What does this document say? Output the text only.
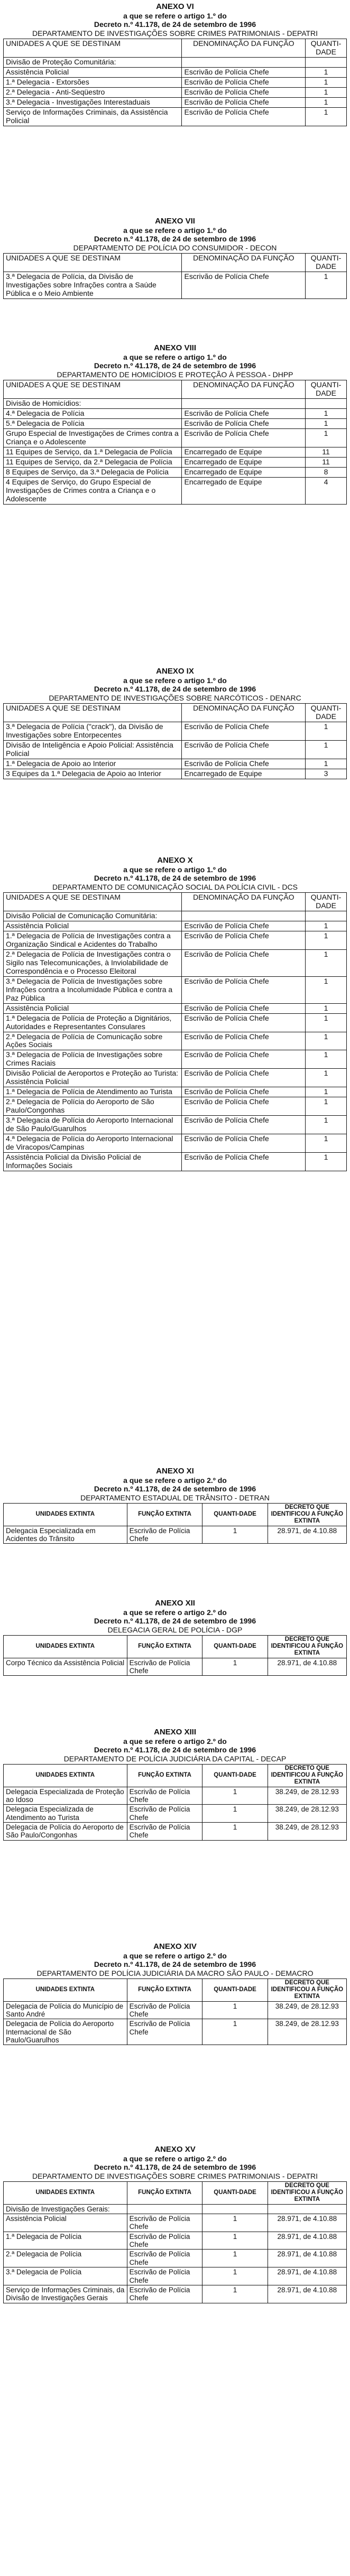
ANEXO VI
a que se refere o artigo 1.º do
Decreto n.º 41.178, de 24 de setembro de 1996
DEPARTAMENTO DE INVESTIGAÇÕES SOBRE CRIMES PATRIMONIAIS - DEPATRI
UNIDADES A QUE SE DESTINAM	DENOMINAÇÃO DA FUNÇÃO	QUANTI-DADE
Divisão de Proteção Comunitária:		
Assistência Policial	Escrivão de Polícia Chefe	1
1.ª Delegacia - Extorsões	Escrivão de Polícia Chefe	1
2.ª Delegacia - Anti-Seqüestro	Escrivão de Polícia Chefe	1
3.ª Delegacia - Investigações Interestaduais	Escrivão de Polícia Chefe	1
Serviço de Informações Criminais, da Assistência Policial	Escrivão de Polícia Chefe	1
ANEXO VII
a que se refere o artigo 1.º do
Decreto n.º 41.178, de 24 de setembro de 1996
DEPARTAMENTO DE POLÍCIA DO CONSUMIDOR - DECON
UNIDADES A QUE SE DESTINAM	DENOMINAÇÃO DA FUNÇÃO	QUANTI-DADE
3.ª Delegacia de Polícia, da Divisão de Investigações sobre Infrações contra a Saúde Pública e o Meio Ambiente	Escrivão de Polícia Chefe	1
ANEXO VIII
a que se refere o artigo 1.º do
Decreto n.º 41.178, de 24 de setembro de 1996
DEPARTAMENTO DE HOMICÍDIOS E PROTEÇÃO À PESSOA - DHPP
UNIDADES A QUE SE DESTINAM	DENOMINAÇÃO DA FUNÇÃO	QUANTI-DADE
Divisão de Homicídios:		
4.ª Delegacia de Polícia	Escrivão de Polícia Chefe	1
5.ª Delegacia de Polícia	Escrivão de Polícia Chefe	1
Grupo Especial de Investigações de Crimes contra a Criança e o Adolescente	Escrivão de Polícia Chefe	1
11 Equipes de Serviço, da 1.ª Delegacia de Polícia	Encarregado de Equipe	11
11 Equipes de Serviço, da 2.ª Delegacia de Polícia	Encarregado de Equipe	11
8 Equipes de Serviço, da 3.ª Delegacia de Polícia	Encarregado de Equipe	8
4 Equipes de Serviço, do Grupo Especial de Investigações de Crimes contra a Criança e o Adolescente	Encarregado de Equipe	4
ANEXO IX
a que se refere o artigo 1.º do
Decreto n.º 41.178, de 24 de setembro de 1996
DEPARTAMENTO DE INVESTIGAÇÕES SOBRE NARCÓTICOS - DENARC
UNIDADES A QUE SE DESTINAM	DENOMINAÇÃO DA FUNÇÃO	QUANTI-DADE
3.ª Delegacia de Polícia ("crack"), da Divisão de Investigações sobre Entorpecentes	Escrivão de Polícia Chefe	1
Divisão de Inteligência e Apoio Policial: Assistência Policial	Escrivão de Polícia Chefe	1
1.ª Delegacia de Apoio ao Interior	Escrivão de Polícia Chefe	1
3 Equipes da 1.ª Delegacia de Apoio ao Interior	Encarregado de Equipe	3
ANEXO X
a que se refere o artigo 1.º do
Decreto n.º 41.178, de 24 de setembro de 1996
DEPARTAMENTO DE COMUNICAÇÃO SOCIAL DA POLÍCIA CIVIL - DCS
UNIDADES A QUE SE DESTINAM	DENOMINAÇÃO DA FUNÇÃO	QUANTI-DADE
Divisão Policial de Comunicação Comunitária:		
Assistência Policial	Escrivão de Polícia Chefe	1
1.ª Delegacia de Polícia de Investigações contra a Organização Sindical e Acidentes do Trabalho	Escrivão de Polícia Chefe	1
2.ª Delegacia de Polícia de Investigações contra o Sigilo nas Telecomunicações, à Inviolabilidade de Correspondência e o Processo Eleitoral	Escrivão de Polícia Chefe	1
3.ª Delegacia de Polícia de Investigações sobre Infrações contra a Incolumidade Pública e contra a Paz Pública	Escrivão de Polícia Chefe	1
Assistência Policial	Escrivão de Polícia Chefe	1
1.ª Delegacia de Polícia de Proteção a Dignitários, Autoridades e Representantes Consulares	Escrivão de Polícia Chefe	1
2.ª Delegacia de Polícia de Comunicação sobre Ações Sociais	Escrivão de Polícia Chefe	1
3.ª Delegacia de Polícia de Investigações sobre Crimes Raciais	Escrivão de Polícia Chefe	1
Divisão Policial de Aeroportos e Proteção ao Turista: Assistência Policial	Escrivão de Polícia Chefe	1
1.ª Delegacia de Polícia de Atendimento ao Turista	Escrivão de Polícia Chefe	1
2.ª Delegacia de Polícia do Aeroporto de São Paulo/Congonhas	Escrivão de Polícia Chefe	1
3.ª Delegacia de Polícia do Aeroporto Internacional de São Paulo/Guarulhos	Escrivão de Polícia Chefe	1
4.ª Delegacia de Polícia do Aeroporto Internacional de Viracopos/Campinas	Escrivão de Polícia Chefe	1
Assistência Policial da Divisão Policial de Informações Sociais	Escrivão de Polícia Chefe	1
ANEXO XI
a que se refere o artigo 2.º do
Decreto n.º 41.178, de 24 de setembro de 1996
DEPARTAMENTO ESTADUAL DE TRÂNSITO - DETRAN
UNIDADES EXTINTA	FUNÇÃO EXTINTA	QUANTI-DADE	DECRETO QUE IDENTIFICOU A FUNÇÃO EXTINTA
Delegacia Especializada em Acidentes do Trânsito	Escrivão de Polícia Chefe	1	28.971, de 4.10.88
ANEXO XII
a que se refere o artigo 2.º do
Decreto n.º 41.178, de 24 de setembro de 1996
DELEGACIA GERAL DE POLÍCIA - DGP
UNIDADES EXTINTA	FUNÇÃO EXTINTA	QUANTI-DADE	DECRETO QUE IDENTIFICOU A FUNÇÃO EXTINTA
Corpo Técnico da Assistência Policial	Escrivão de Polícia Chefe	1	28.971, de 4.10.88
ANEXO XIII
a que se refere o artigo 2.º do
Decreto n.º 41.178, de 24 de setembro de 1996
DEPARTAMENTO DE POLÍCIA JUDICIÁRIA DA CAPITAL - DECAP
UNIDADES EXTINTA	FUNÇÃO EXTINTA	QUANTI-DADE	DECRETO QUE IDENTIFICOU A FUNÇÃO EXTINTA
Delegacia Especializada de Proteção ao Idoso	Escrivão de Polícia Chefe	1	38.249, de 28.12.93
Delegacia Especializada de Atendimento ao Turista	Escrivão de Polícia Chefe	1	38.249, de 28.12.93
Delegacia de Polícia do Aeroporto de São Paulo/Congonhas	Escrivão de Polícia Chefe	1	38.249, de 28.12.93
ANEXO XIV
a que se refere o artigo 2.º do
Decreto n.º 41.178, de 24 de setembro de 1996
DEPARTAMENTO DE POLÍCIA JUDICIÁRIA DA MACRO SÃO PAULO - DEMACRO
UNIDADES EXTINTA	FUNÇÃO EXTINTA	QUANTI-DADE	DECRETO QUE IDENTIFICOU A FUNÇÃO EXTINTA
Delegacia de Polícia do Município de Santo André	Escrivão de Polícia Chefe	1	38.249, de 28.12.93
Delegacia de Polícia do Aeroporto Internacional de São Paulo/Guarulhos	Escrivão de Polícia Chefe	1	38.249, de 28.12.93
ANEXO XV
a que se refere o artigo 2.º do
Decreto n.º 41.178, de 24 de setembro de 1996
DEPARTAMENTO DE INVESTIGAÇÕES SOBRE CRIMES PATRIMONIAIS - DEPATRI
UNIDADES EXTINTA	FUNÇÃO EXTINTA	QUANTI-DADE	DECRETO QUE IDENTIFICOU A FUNÇÃO EXTINTA
Divisão de Investigações Gerais:			
Assistência Policial	Escrivão de Polícia Chefe	1	28.971, de 4.10.88
1.ª Delegacia de Polícia	Escrivão de Polícia Chefe	1	28.971, de 4.10.88
2.ª Delegacia de Polícia	Escrivão de Polícia Chefe	1	28.971, de 4.10.88
3.ª Delegacia de Polícia	Escrivão de Polícia Chefe	1	28.971, de 4.10.88
Serviço de Informações Criminais, da Divisão de Investigações Gerais	Escrivão de Polícia Chefe	1	28.971, de 4.10.88
